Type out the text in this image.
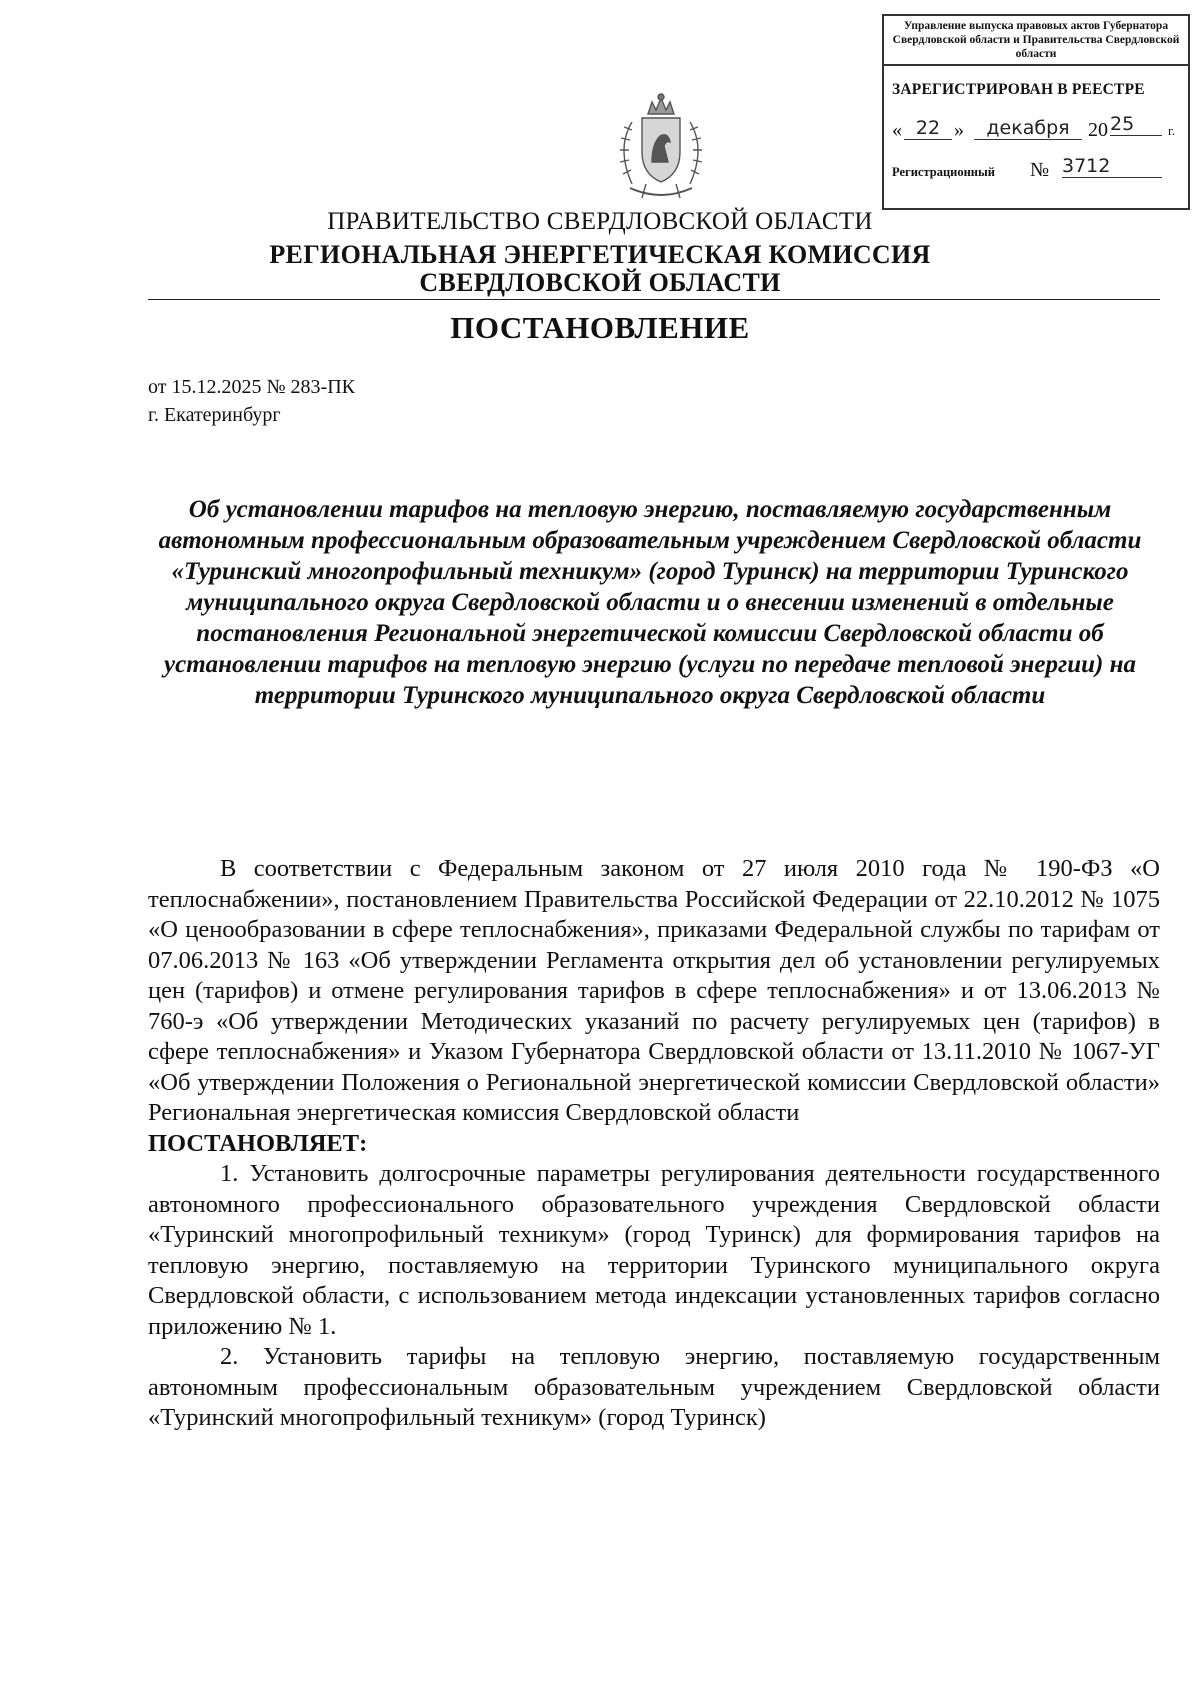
Управление выпуска правовых актов Губернатора Свердловской области и Правительства Свердловской области
ЗАРЕГИСТРИРОВАН В РЕЕСТРЕ
« 22 »	декабря 20 25	г.
Регистрационный № 3712
ПРАВИТЕЛЬСТВО СВЕРДЛОВСКОЙ ОБЛАСТИ
РЕГИОНАЛЬНАЯ ЭНЕРГЕТИЧЕСКАЯ КОМИССИЯ
СВЕРДЛОВСКОЙ ОБЛАСТИ
ПОСТАНОВЛЕНИЕ
от 15.12.2025 № 283-ПК
г. Екатеринбург
Об установлении тарифов на тепловую энергию, поставляемую государственным автономным профессиональным образовательным учреждением Свердловской области «Туринский многопрофильный техникум» (город Туринск) на территории Туринского муниципального округа Свердловской области и о внесении изменений в отдельные постановления Региональной энергетической комиссии Свердловской области об установлении тарифов на тепловую энергию (услуги по передаче тепловой энергии) на территории Туринского муниципального округа Свердловской области

В соответствии с Федеральным законом от 27 июля 2010 года № 190-ФЗ «О теплоснабжении», постановлением Правительства Российской Федерации от 22.10.2012 № 1075 «О ценообразовании в сфере теплоснабжения», приказами Федеральной службы по тарифам от 07.06.2013 № 163 «Об утверждении Регламента открытия дел об установлении регулируемых цен (тарифов) и отмене регулирования тарифов в сфере теплоснабжения» и от 13.06.2013 № 760-э «Об утверждении Методических указаний по расчету регулируемых цен (тарифов) в сфере теплоснабжения» и Указом Губернатора Свердловской области от 13.11.2010 № 1067-УГ «Об утверждении Положения о Региональной энергетической комиссии Свердловской области» Региональная энергетическая комиссия Свердловской области

ПОСТАНОВЛЯЕТ:

1. Установить долгосрочные параметры регулирования деятельности государственного автономного профессионального образовательного учреждения Свердловской области «Туринский многопрофильный техникум» (город Туринск) для формирования тарифов на тепловую энергию, поставляемую на территории Туринского муниципального округа Свердловской области, с использованием метода индексации установленных тарифов согласно приложению № 1.

2. Установить тарифы на тепловую энергию, поставляемую государственным автономным профессиональным образовательным учреждением Свердловской области «Туринский многопрофильный техникум» (город Туринск)
